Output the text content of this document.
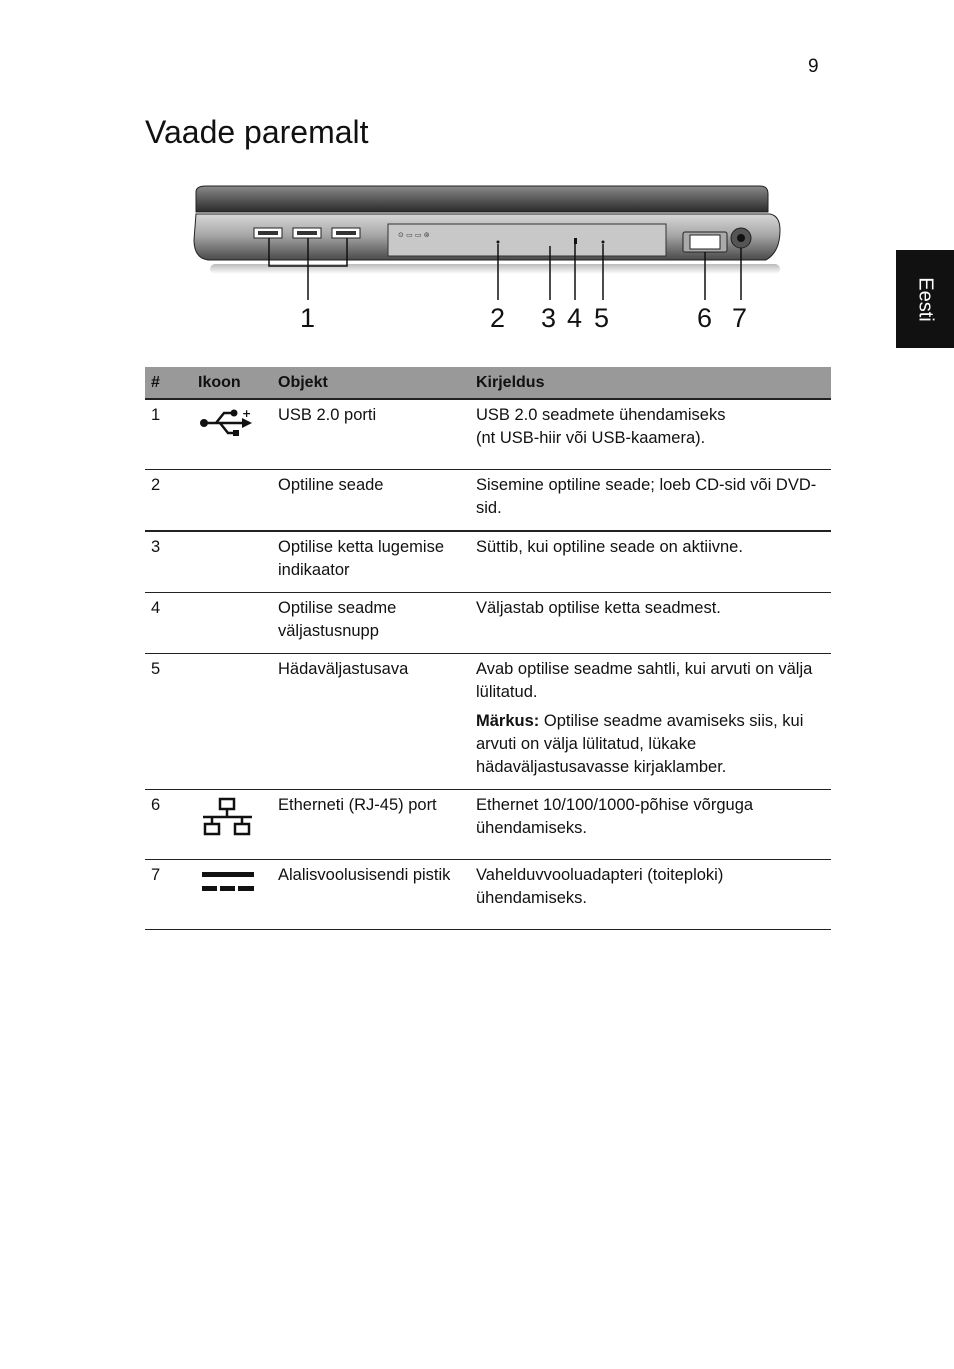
9
Vaade paremalt
Eesti
⊙ ▭ ▭ ⊚
1	2 3 4 5	6 7
#	Ikoon	Objekt	Kirjeldus
1	+	USB 2.0 porti	USB 2.0 seadmete ühendamiseks
(nt USB-hiir või USB-kaamera).

2		Optiline seade	Sisemine optiline seade; loeb CD-sid või DVD-sid.
3		Optilise ketta lugemise indikaator	Süttib, kui optiline seade on aktiivne.
4		Optilise seadme väljastusnupp	Väljastab optilise ketta seadmest.
5		Hädaväljastusava	Avab optilise seadme sahtli, kui arvuti on välja lülitatud.
Märkus: Optilise seadme avamiseks siis, kui arvuti on välja lülitatud, lükake hädaväljastusavasse kirjaklamber.

6		Etherneti (RJ-45) port	Ethernet 10/100/1000-põhise võrguga ühendamiseks.
7		Alalisvoolusisendi pistik	Vahelduvvooluadapteri (toiteploki) ühendamiseks.
